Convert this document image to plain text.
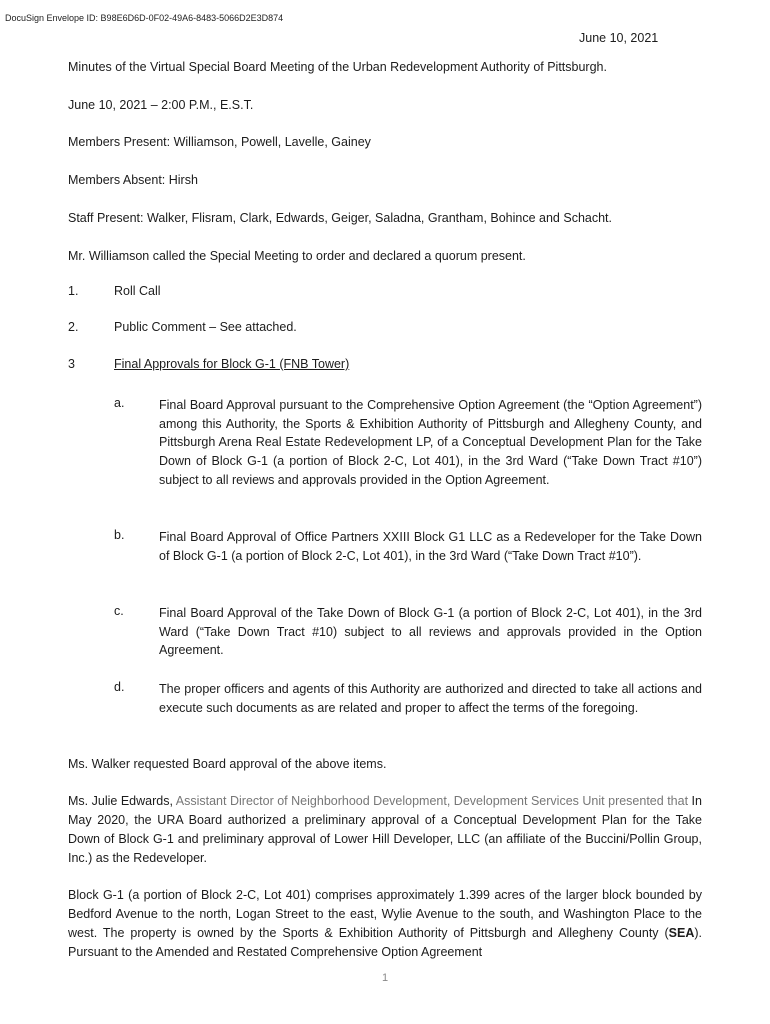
DocuSign Envelope ID: B98E6D6D-0F02-49A6-8483-5066D2E3D874
June 10, 2021

Minutes of the Virtual Special Board Meeting of the Urban Redevelopment Authority of Pittsburgh.

June 10, 2021 – 2:00 P.M., E.S.T.

Members Present: Williamson, Powell, Lavelle, Gainey

Members Absent: Hirsh

Staff Present: Walker, Flisram, Clark, Edwards, Geiger, Saladna, Grantham, Bohince and Schacht.

Mr. Williamson called the Special Meeting to order and declared a quorum present.

1.	Roll Call
2.	Public Comment – See attached.
3	Final Approvals for Block G-1 (FNB Tower)
a.	Final Board Approval pursuant to the Comprehensive Option Agreement (the “Option Agreement”) among this Authority, the Sports & Exhibition Authority of Pittsburgh and Allegheny County, and Pittsburgh Arena Real Estate Redevelopment LP, of a Conceptual Development Plan for the Take Down of Block G-1 (a portion of Block 2-C, Lot 401), in the 3rd Ward (“Take Down Tract #10”) subject to all reviews and approvals provided in the Option Agreement.

b.	Final Board Approval of Office Partners XXIII Block G1 LLC as a Redeveloper for the Take Down of Block G-1 (a portion of Block 2-C, Lot 401), in the 3rd Ward (“Take Down Tract #10”).

c.	Final Board Approval of the Take Down of Block G-1 (a portion of Block 2-C, Lot 401), in the 3rd Ward (“Take Down Tract #10) subject to all reviews and approvals provided in the Option Agreement.

d.	The proper officers and agents of this Authority are authorized and directed to take all actions and execute such documents as are related and proper to affect the terms of the foregoing.

Ms. Walker requested Board approval of the above items.

Ms. Julie Edwards, Assistant Director of Neighborhood Development, Development Services Unit presented that In May 2020, the URA Board authorized a preliminary approval of a Conceptual Development Plan for the Take Down of Block G-1 and preliminary approval of Lower Hill Developer, LLC (an affiliate of the Buccini/Pollin Group, Inc.) as the Redeveloper.

Block G-1 (a portion of Block 2-C, Lot 401) comprises approximately 1.399 acres of the larger block bounded by Bedford Avenue to the north, Logan Street to the east, Wylie Avenue to the south, and Washington Place to the west. The property is owned by the Sports & Exhibition Authority of Pittsburgh and Allegheny County (SEA). Pursuant to the Amended and Restated Comprehensive Option Agreement

1
